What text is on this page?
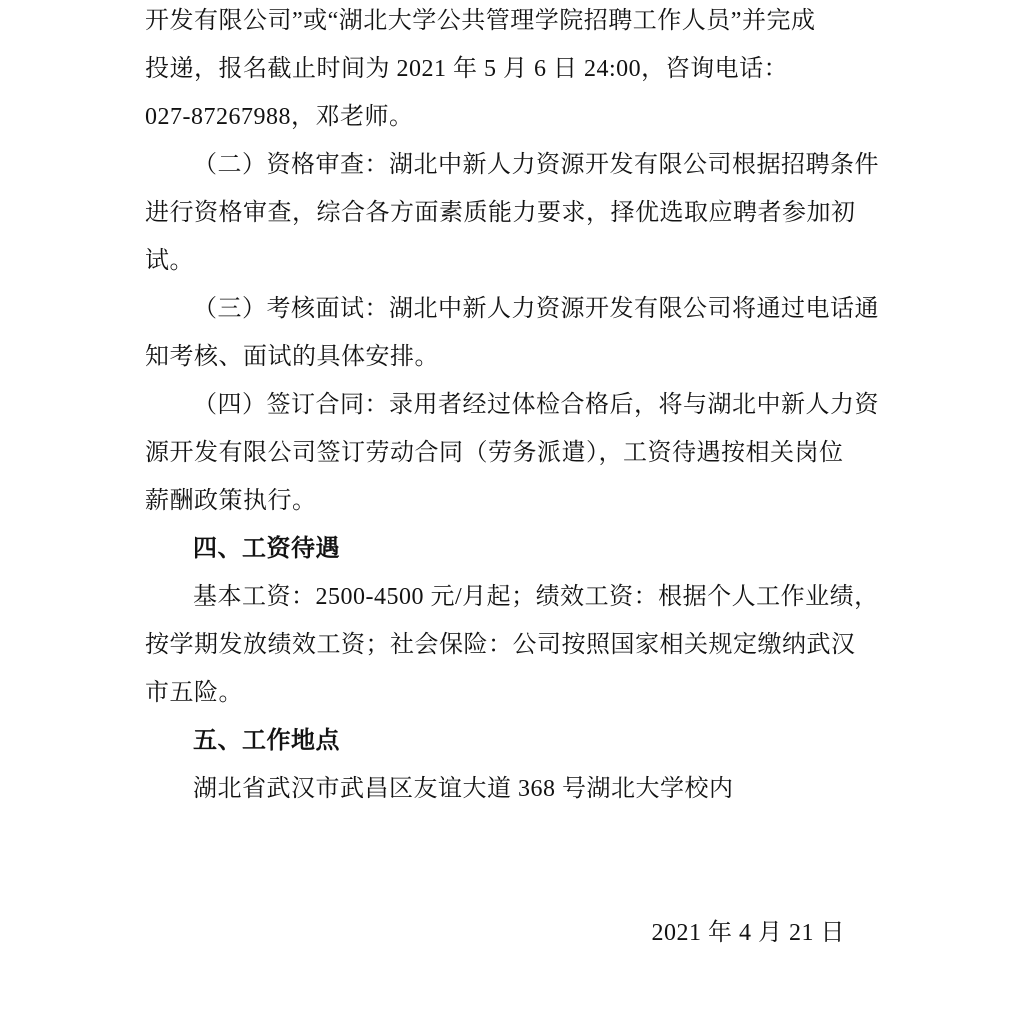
开发有限公司”或“湖北大学公共管理学院招聘工作人员”并完成
投递，报名截止时间为 2021 年 5 月 6 日 24:00，咨询电话：
027-87267988，邓老师。
（二）资格审查：湖北中新人力资源开发有限公司根据招聘条件
进行资格审查，综合各方面素质能力要求，择优选取应聘者参加初
试。
（三）考核面试：湖北中新人力资源开发有限公司将通过电话通
知考核、面试的具体安排。
（四）签订合同：录用者经过体检合格后，将与湖北中新人力资
源开发有限公司签订劳动合同（劳务派遣），工资待遇按相关岗位
薪酬政策执行。
四、工资待遇
基本工资：2500-4500 元/月起；绩效工资：根据个人工作业绩，
按学期发放绩效工资；社会保险：公司按照国家相关规定缴纳武汉
市五险。
五、工作地点
湖北省武汉市武昌区友谊大道 368 号湖北大学校内
2021 年 4 月 21 日
